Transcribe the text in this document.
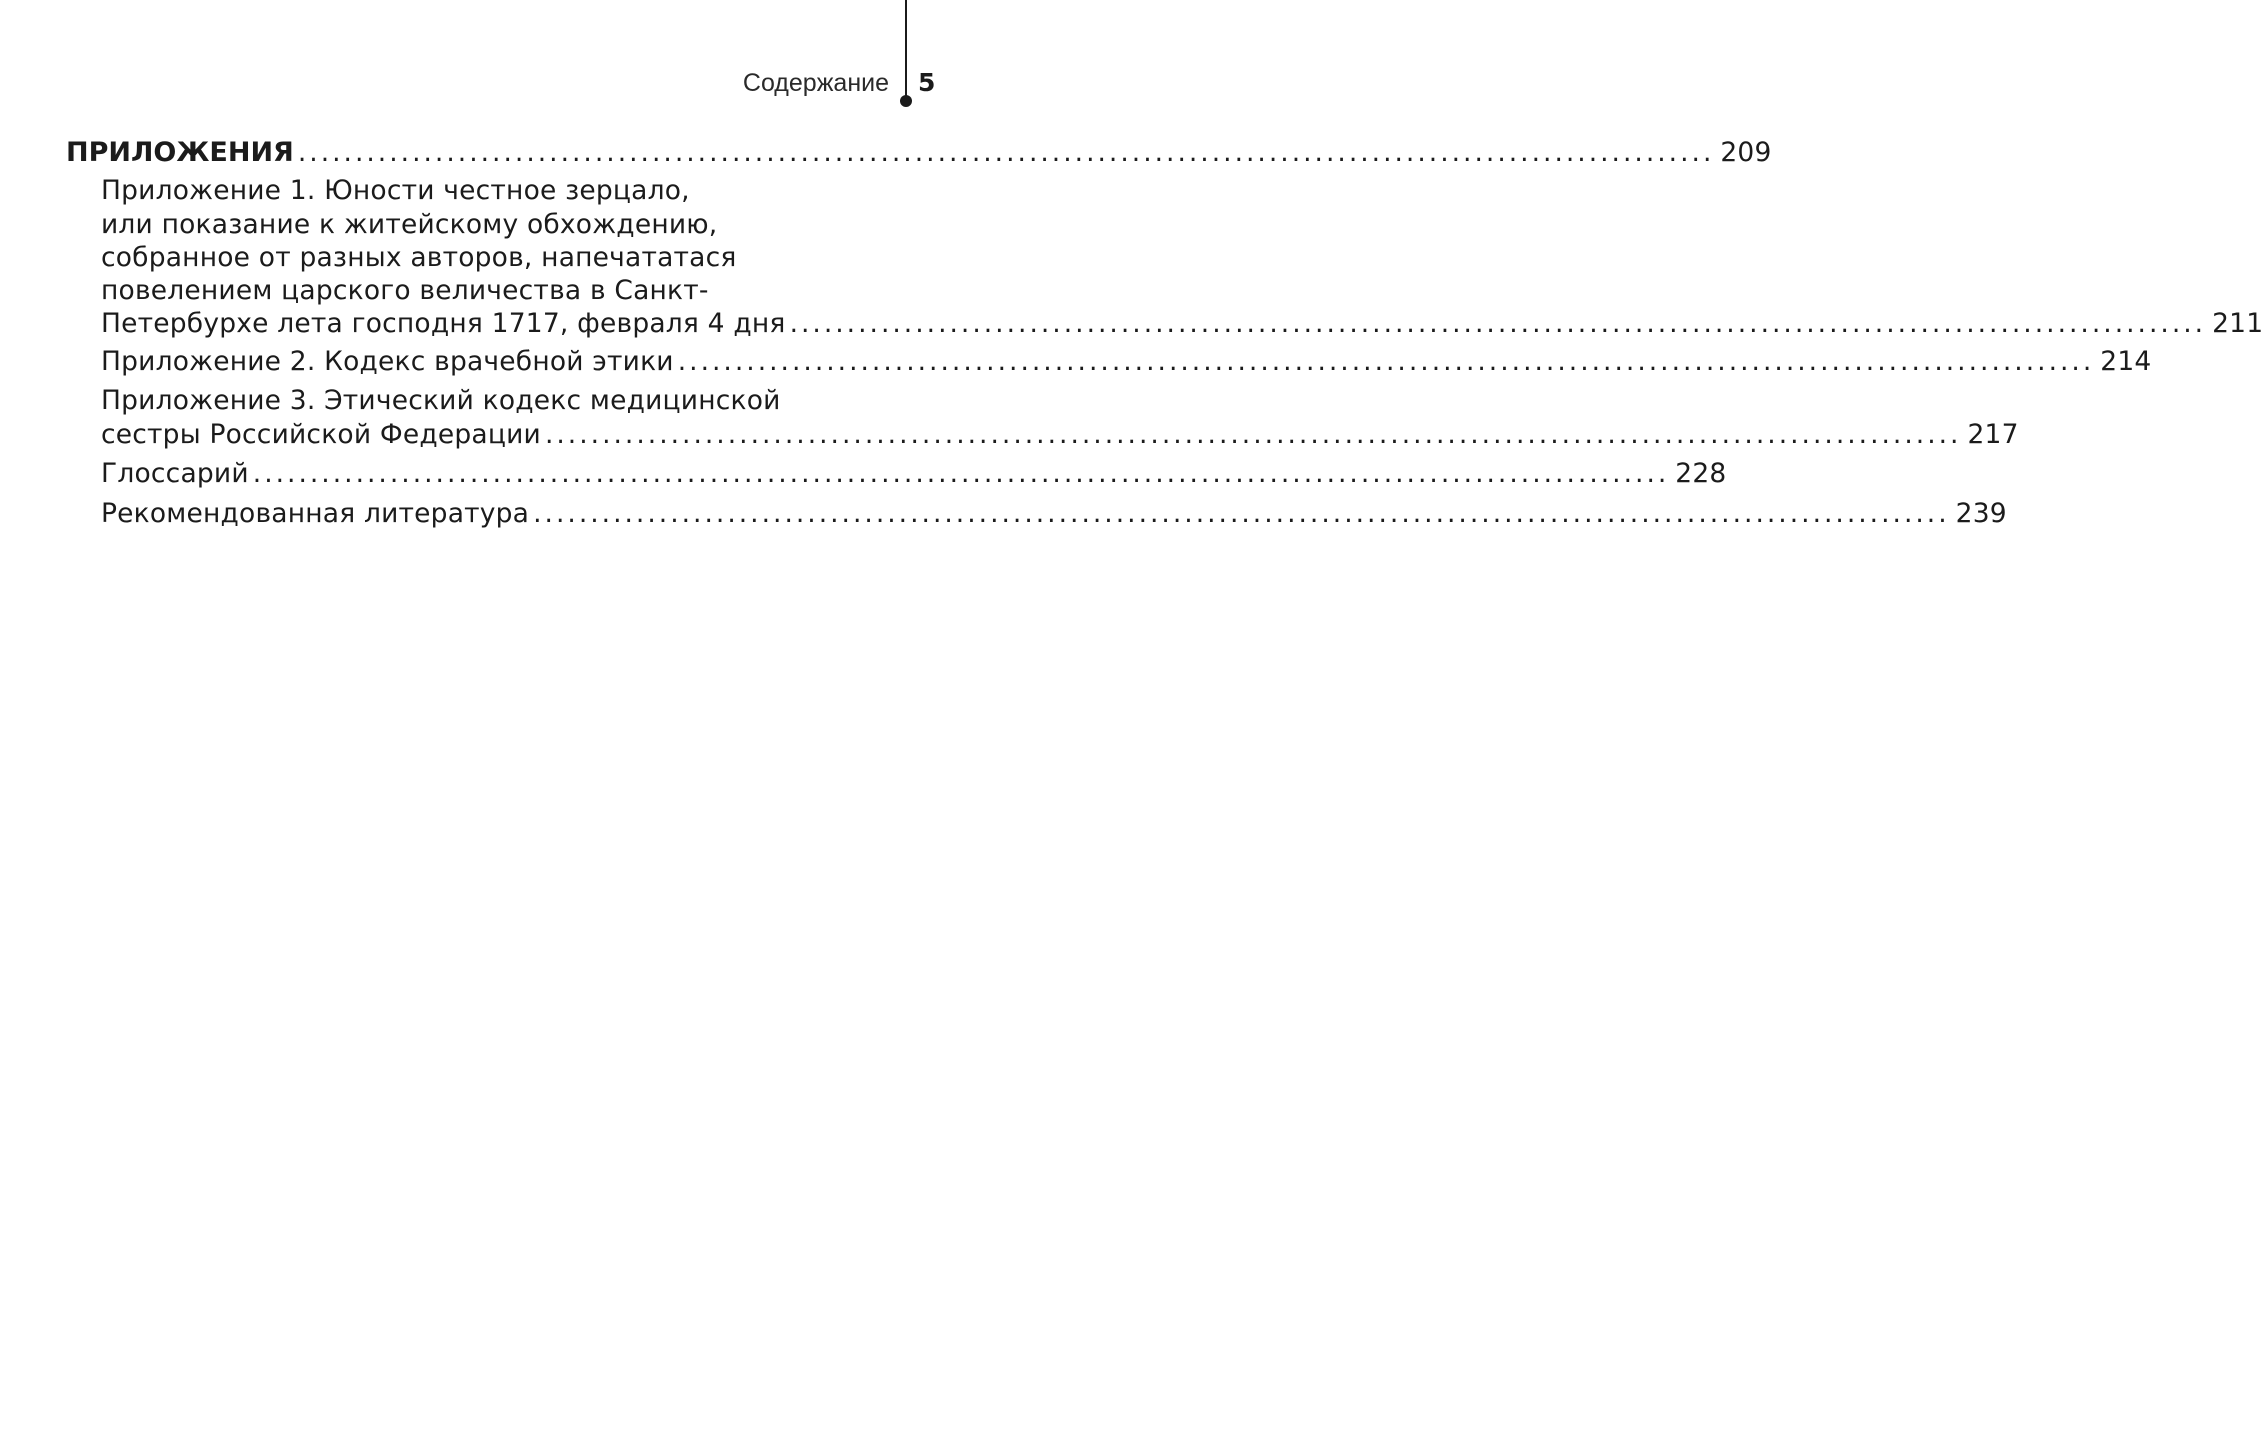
Содержание 5
ПРИЛОЖЕНИЯ ............................................................................................................................ 209
Приложение 1. Юности честное зерцало,
или показание к житейскому обхождению,
собранное от разных авторов, напечататася
повелением царского величества в Санкт-
Петербурхе лета господня 1717, февраля 4 дня ............................................................................................................................ 211
Приложение 2. Кодекс врачебной этики ............................................................................................................................ 214
Приложение 3. Этический кодекс медицинской
сестры Российской Федерации ............................................................................................................................ 217
Глоссарий ............................................................................................................................ 228
Рекомендованная литература ............................................................................................................................ 239
